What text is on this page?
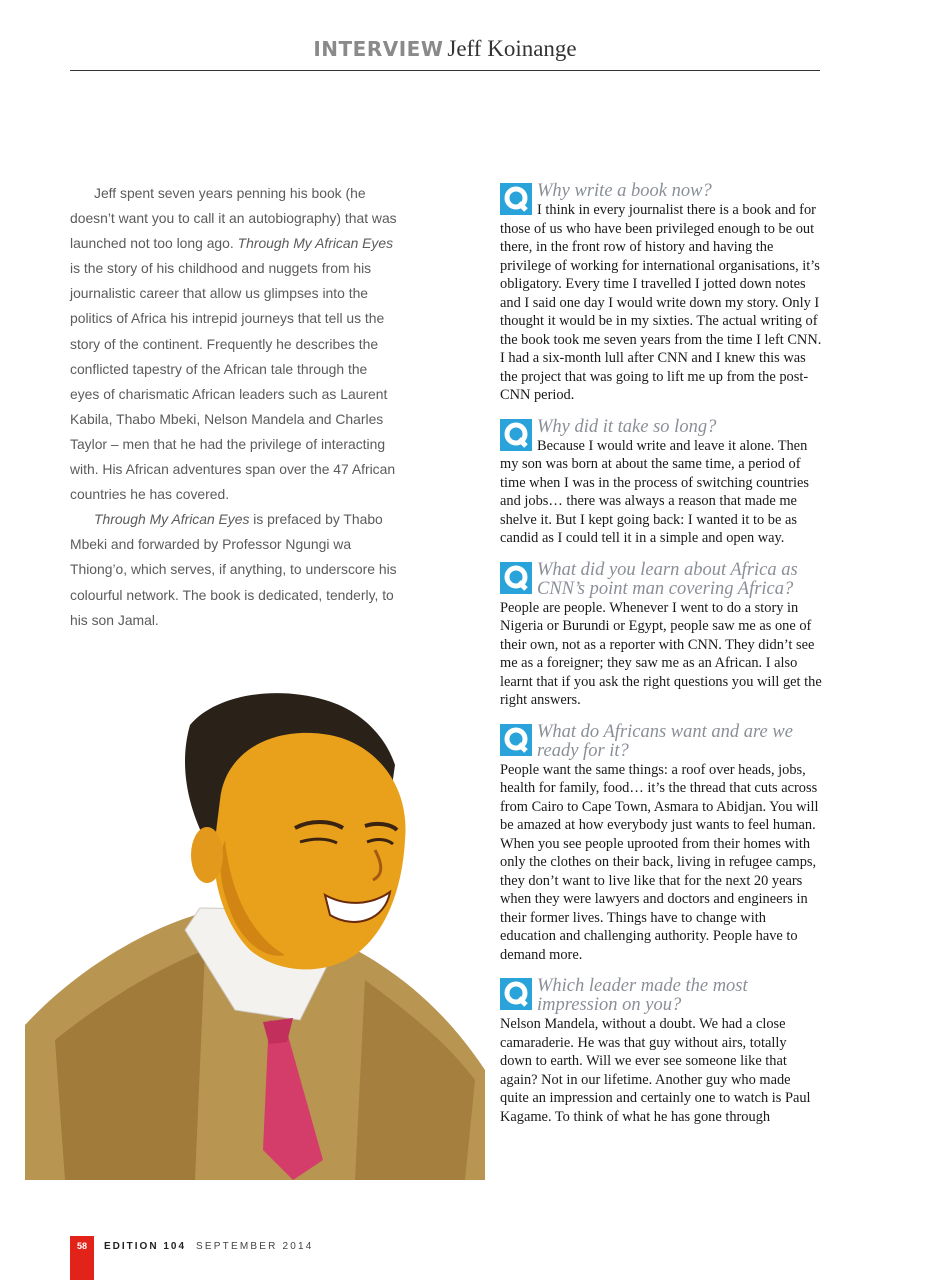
INTERVIEW Jeff Koinange

Jeff spent seven years penning his book (he doesn’t want you to call it an autobiography) that was launched not too long ago. Through My African Eyes is the story of his childhood and nuggets from his journalistic career that allow us glimpses into the politics of Africa his intrepid journeys that tell us the story of the continent. Frequently he describes the conflicted tapestry of the African tale through the eyes of charismatic African leaders such as Laurent Kabila, Thabo Mbeki, Nelson Mandela and Charles Taylor – men that he had the privilege of interacting with. His African adventures span over the 47 African countries he has covered.

Through My African Eyes is prefaced by Thabo Mbeki and forwarded by Professor Ngungi wa Thiong’o, which serves, if anything, to underscore his colourful network. The book is dedicated, tenderly, to his son Jamal.

Why write a book now?

I think in every journalist there is a book and for those of us who have been privileged enough to be out there, in the front row of history and having the privilege of working for international organisations, it’s obligatory. Every time I travelled I jotted down notes and I said one day I would write down my story. Only I thought it would be in my sixties. The actual writing of the book took me seven years from the time I left CNN. I had a six-month lull after CNN and I knew this was the project that was going to lift me up from the post-CNN period.

Why did it take so long?

Because I would write and leave it alone. Then my son was born at about the same time, a period of time when I was in the process of switching countries and jobs… there was always a reason that made me shelve it. But I kept going back: I wanted it to be as candid as I could tell it in a simple and open way.

What did you learn about Africa as CNN’s point man covering Africa?

People are people. Whenever I went to do a story in Nigeria or Burundi or Egypt, people saw me as one of their own, not as a reporter with CNN. They didn’t see me as a foreigner; they saw me as an African. I also learnt that if you ask the right questions you will get the right answers.

What do Africans want and are we ready for it?

People want the same things: a roof over heads, jobs, health for family, food… it’s the thread that cuts across from Cairo to Cape Town, Asmara to Abidjan. You will be amazed at how everybody just wants to feel human. When you see people uprooted from their homes with only the clothes on their back, living in refugee camps, they don’t want to live like that for the next 20 years when they were lawyers and doctors and engineers in their former lives. Things have to change with education and challenging authority. People have to demand more.

Which leader made the most impression on you?

Nelson Mandela, without a doubt. We had a close camaraderie. He was that guy without airs, totally down to earth. Will we ever see someone like that again? Not in our lifetime. Another guy who made quite an impression and certainly one to watch is Paul Kagame. To think of what he has gone through

58	EDITION 104 SEPTEMBER 2014
